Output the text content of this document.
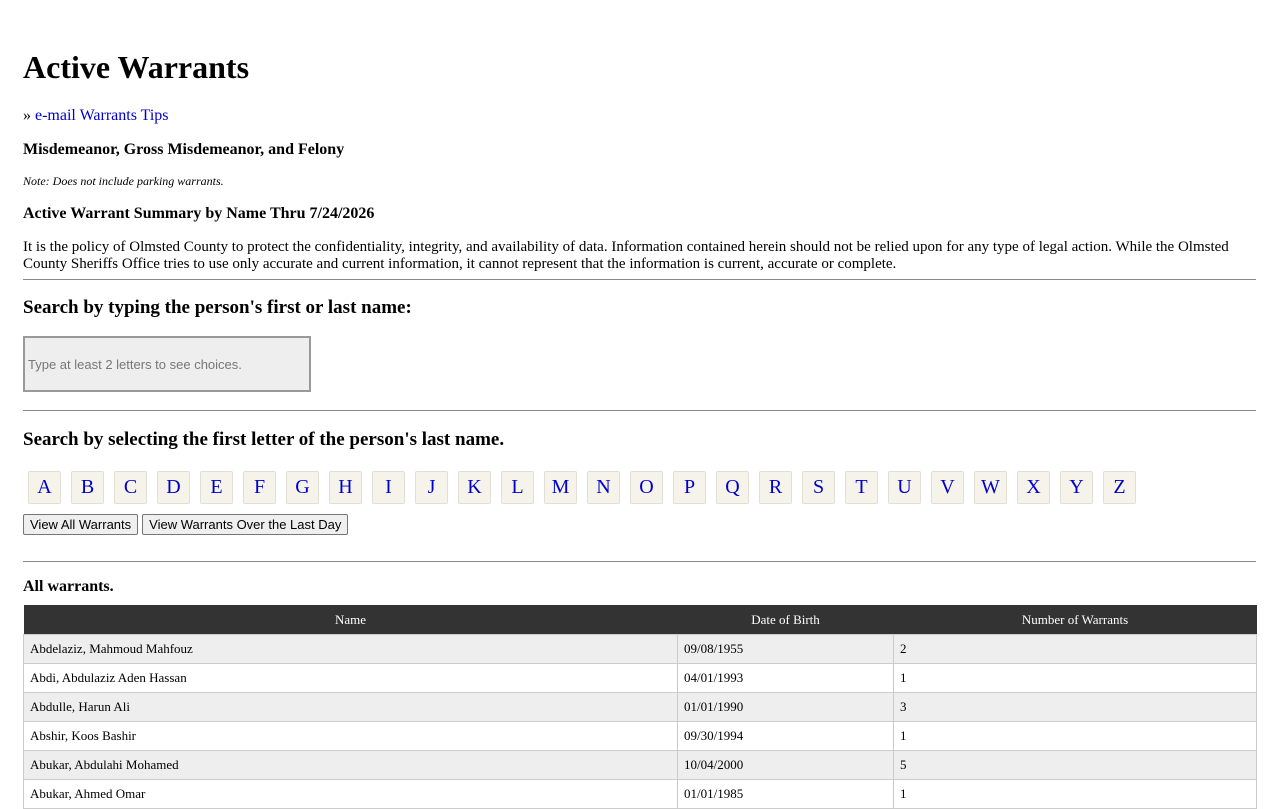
Active Warrants
» e-mail Warrants Tips
Misdemeanor, Gross Misdemeanor, and Felony
Note: Does not include parking warrants.
Active Warrant Summary by Name Thru 7/24/2026
It is the policy of Olmsted County to protect the confidentiality, integrity, and availability of data. Information contained herein should not be relied upon for any type of legal action. While the Olmsted County Sheriffs Office tries to use only accurate and current information, it cannot represent that the information is current, accurate or complete.
Search by typing the person's first or last name:
Type at least 2 letters to see choices.
Search by selecting the first letter of the person's last name.
A	B	C	D	E	F	G	H	I	J	K	L	M	N	O	P	Q	R	S	T	U	V	W	X	Y	Z
View All Warrants	View Warrants Over the Last Day
All warrants.
Name	Date of Birth	Number of Warrants
Abdelaziz, Mahmoud Mahfouz	09/08/1955	2
Abdi, Abdulaziz Aden Hassan	04/01/1993	1
Abdulle, Harun Ali	01/01/1990	3
Abshir, Koos Bashir	09/30/1994	1
Abukar, Abdulahi Mohamed	10/04/2000	5
Abukar, Ahmed Omar	01/01/1985	1
